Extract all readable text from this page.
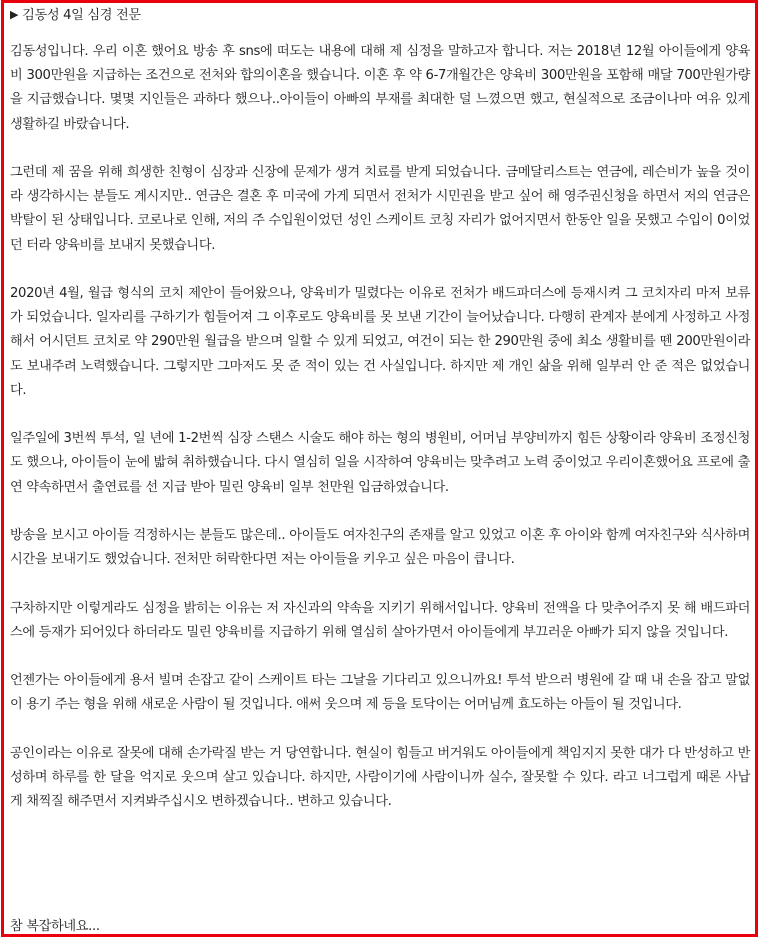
▶ 김동성 4일 심경 전문

김동성입니다. 우리 이혼 했어요 방송 후 sns에 떠도는 내용에 대해 제 심정을 말하고자 합니다. 저는 2018년 12월 아이들에게 양육비 300만원을 지급하는 조건으로 전처와 합의이혼을 했습니다. 이혼 후 약 6-7개월간은 양육비 300만원을 포함해 매달 700만원가량을 지급했습니다. 몇몇 지인들은 과하다 했으나..아이들이 아빠의 부재를 최대한 덜 느꼈으면 했고, 현실적으로 조금이나마 여유 있게 생활하길 바랐습니다.

그런데 제 꿈을 위해 희생한 친형이 심장과 신장에 문제가 생겨 치료를 받게 되었습니다. 금메달리스트는 연금에, 레슨비가 높을 것이라 생각하시는 분들도 계시지만.. 연금은 결혼 후 미국에 가게 되면서 전처가 시민권을 받고 싶어 해 영주권신청을 하면서 저의 연금은 박탈이 된 상태입니다. 코로나로 인해, 저의 주 수입원이었던 성인 스케이트 코칭 자리가 없어지면서 한동안 일을 못했고 수입이 0이었던 터라 양육비를 보내지 못했습니다.

2020년 4월, 월급 형식의 코치 제안이 들어왔으나, 양육비가 밀렸다는 이유로 전처가 배드파더스에 등재시켜 그 코치자리 마저 보류가 되었습니다. 일자리를 구하기가 힘들어져 그 이후로도 양육비를 못 보낸 기간이 늘어났습니다. 다행히 관계자 분에게 사정하고 사정해서 어시던트 코치로 약 290만원 월급을 받으며 일할 수 있게 되었고, 여건이 되는 한 290만원 중에 최소 생활비를 뗀 200만원이라도 보내주려 노력했습니다. 그렇지만 그마저도 못 준 적이 있는 건 사실입니다. 하지만 제 개인 삶을 위해 일부러 안 준 적은 없었습니다.

일주일에 3번씩 투석, 일 년에 1-2번씩 심장 스탠스 시술도 해야 하는 형의 병원비, 어머님 부양비까지 힘든 상황이라 양육비 조정신청도 했으나, 아이들이 눈에 밟혀 취하했습니다. 다시 열심히 일을 시작하여 양육비는 맞추려고 노력 중이었고 우리이혼했어요 프로에 출연 약속하면서 출연료를 선 지급 받아 밀린 양육비 일부 천만원 입금하였습니다.

방송을 보시고 아이들 걱정하시는 분들도 많은데.. 아이들도 여자친구의 존재를 알고 있었고 이혼 후 아이와 함께 여자친구와 식사하며 시간을 보내기도 했었습니다. 전처만 허락한다면 저는 아이들을 키우고 싶은 마음이 큽니다.

구차하지만 이렇게라도 심정을 밝히는 이유는 저 자신과의 약속을 지키기 위해서입니다. 양육비 전액을 다 맞추어주지 못 해 배드파더스에 등재가 되어있다 하더라도 밀린 양육비를 지급하기 위해 열심히 살아가면서 아이들에게 부끄러운 아빠가 되지 않을 것입니다.

언젠가는 아이들에게 용서 빌며 손잡고 같이 스케이트 타는 그날을 기다리고 있으니까요! 투석 받으러 병원에 갈 때 내 손을 잡고 말없이 용기 주는 형을 위해 새로운 사람이 될 것입니다. 애써 웃으며 제 등을 토닥이는 어머님께 효도하는 아들이 될 것입니다.

공인이라는 이유로 잘못에 대해 손가락질 받는 거 당연합니다. 현실이 힘들고 버거워도 아이들에게 책임지지 못한 대가 다 반성하고 반성하며 하루를 한 달을 억지로 웃으며 살고 있습니다. 하지만, 사람이기에 사람이니까 실수, 잘못할 수 있다. 라고 너그럽게 때론 사납게 채찍질 해주면서 지켜봐주십시오 변하겠습니다.. 변하고 있습니다.

참 복잡하네요...
